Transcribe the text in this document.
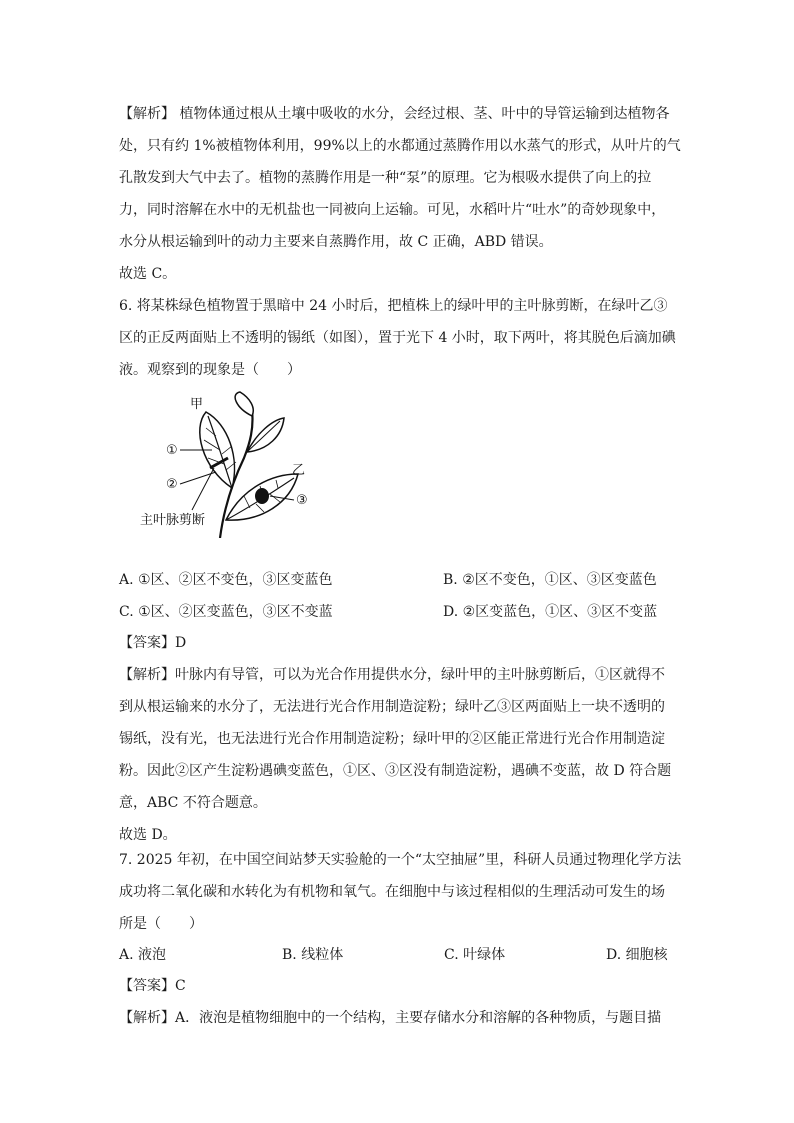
【解析】 植物体通过根从土壤中吸收的水分，会经过根、茎、叶中的导管运输到达植物各
处，只有约 1%被植物体利用，99%以上的水都通过蒸腾作用以水蒸气的形式，从叶片的气
孔散发到大气中去了。植物的蒸腾作用是一种“泵”的原理。它为根吸水提供了向上的拉
力，同时溶解在水中的无机盐也一同被向上运输。可见，水稻叶片“吐水”的奇妙现象中，
水分从根运输到叶的动力主要来自蒸腾作用，故 C 正确，ABD 错误。
故选 C。
6. 将某株绿色植物置于黑暗中 24 小时后，把植株上的绿叶甲的主叶脉剪断，在绿叶乙③
区的正反两面贴上不透明的锡纸（如图），置于光下 4 小时，取下两叶，将其脱色后滴加碘
液。观察到的现象是（　　）
甲
乙
①
②
③
主叶脉剪断
A. ①区、②区不变色，③区变蓝色	B. ②区不变色，①区、③区变蓝色
C. ①区、②区变蓝色，③区不变蓝	D. ②区变蓝色，①区、③区不变蓝
【答案】D
【解析】叶脉内有导管，可以为光合作用提供水分，绿叶甲的主叶脉剪断后，①区就得不
到从根运输来的水分了，无法进行光合作用制造淀粉；绿叶乙③区两面贴上一块不透明的
锡纸，没有光，也无法进行光合作用制造淀粉；绿叶甲的②区能正常进行光合作用制造淀
粉。因此②区产生淀粉遇碘变蓝色，①区、③区没有制造淀粉，遇碘不变蓝，故 D 符合题
意，ABC 不符合题意。
故选 D。
7. 2025 年初，在中国空间站梦天实验舱的一个“太空抽屉”里，科研人员通过物理化学方法
成功将二氧化碳和水转化为有机物和氧气。在细胞中与该过程相似的生理活动可发生的场
所是（　　）
A. 液泡	B. 线粒体	C. 叶绿体	D. 细胞核
【答案】C
【解析】A．液泡是植物细胞中的一个结构，主要存储水分和溶解的各种物质，与题目描
